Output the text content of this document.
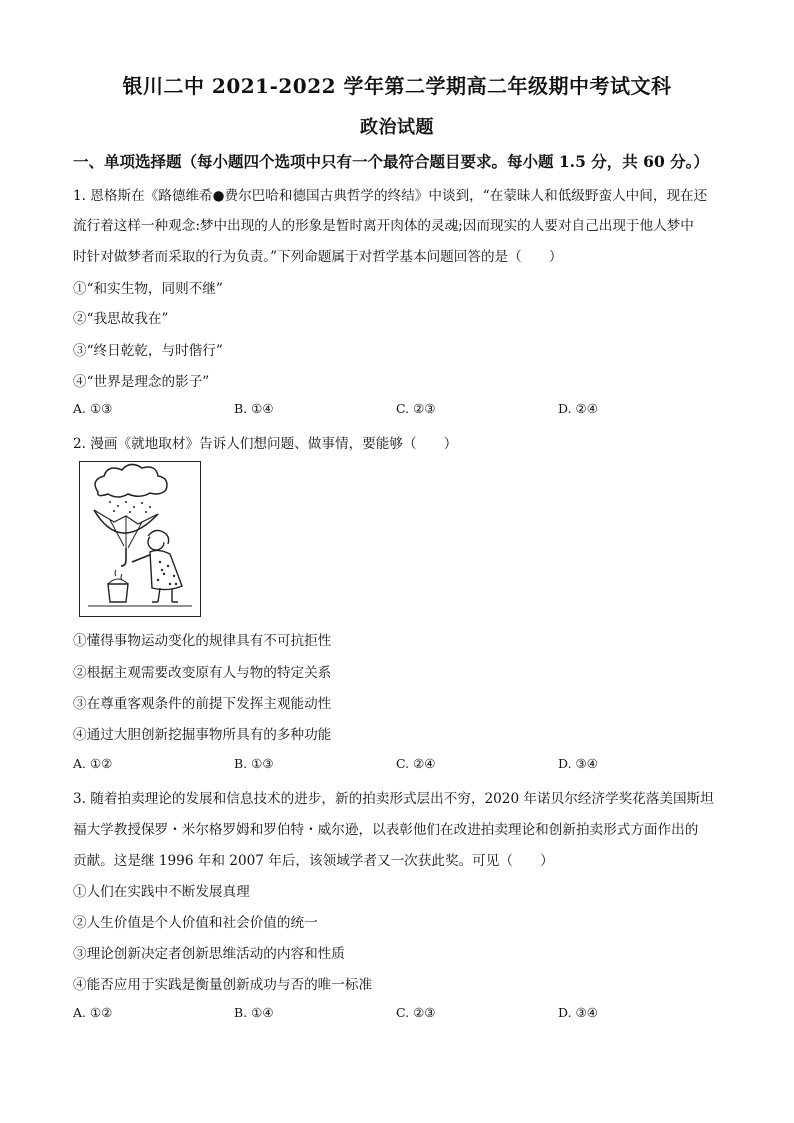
银川二中 2021-2022 学年第二学期高二年级期中考试文科
政治试题
一、单项选择题（每小题四个选项中只有一个最符合题目要求。每小题 1.5 分，共 60 分。）
1. 恩格斯在《路德维希●费尔巴哈和德国古典哲学的终结》中谈到，“在蒙昧人和低级野蛮人中间，现在还
流行着这样一种观念:梦中出现的人的形象是暂时离开肉体的灵魂;因而现实的人要对自己出现于他人梦中
时针对做梦者而采取的行为负责。”下列命题属于对哲学基本问题回答的是（　　）
①“和实生物，同则不继”
②“我思故我在”
③“终日乾乾，与时偕行”
④“世界是理念的影子”
A. ①③	B. ①④	C. ②③	D. ②④
2. 漫画《就地取材》告诉人们想问题、做事情，要能够（　　）
①懂得事物运动变化的规律具有不可抗拒性
②根据主观需要改变原有人与物的特定关系
③在尊重客观条件的前提下发挥主观能动性
④通过大胆创新挖掘事物所具有的多种功能
A. ①②	B. ①③	C. ②④	D. ③④
3. 随着拍卖理论的发展和信息技术的进步，新的拍卖形式层出不穷，2020 年诺贝尔经济学奖花落美国斯坦
福大学教授保罗・米尔格罗姆和罗伯特・威尔逊，以表彰他们在改进拍卖理论和创新拍卖形式方面作出的
贡献。这是继 1996 年和 2007 年后，该领域学者又一次获此奖。可见（　　）
①人们在实践中不断发展真理
②人生价值是个人价值和社会价值的统一
③理论创新决定者创新思维活动的内容和性质
④能否应用于实践是衡量创新成功与否的唯一标准
A. ①②	B. ①④	C. ②③	D. ③④
